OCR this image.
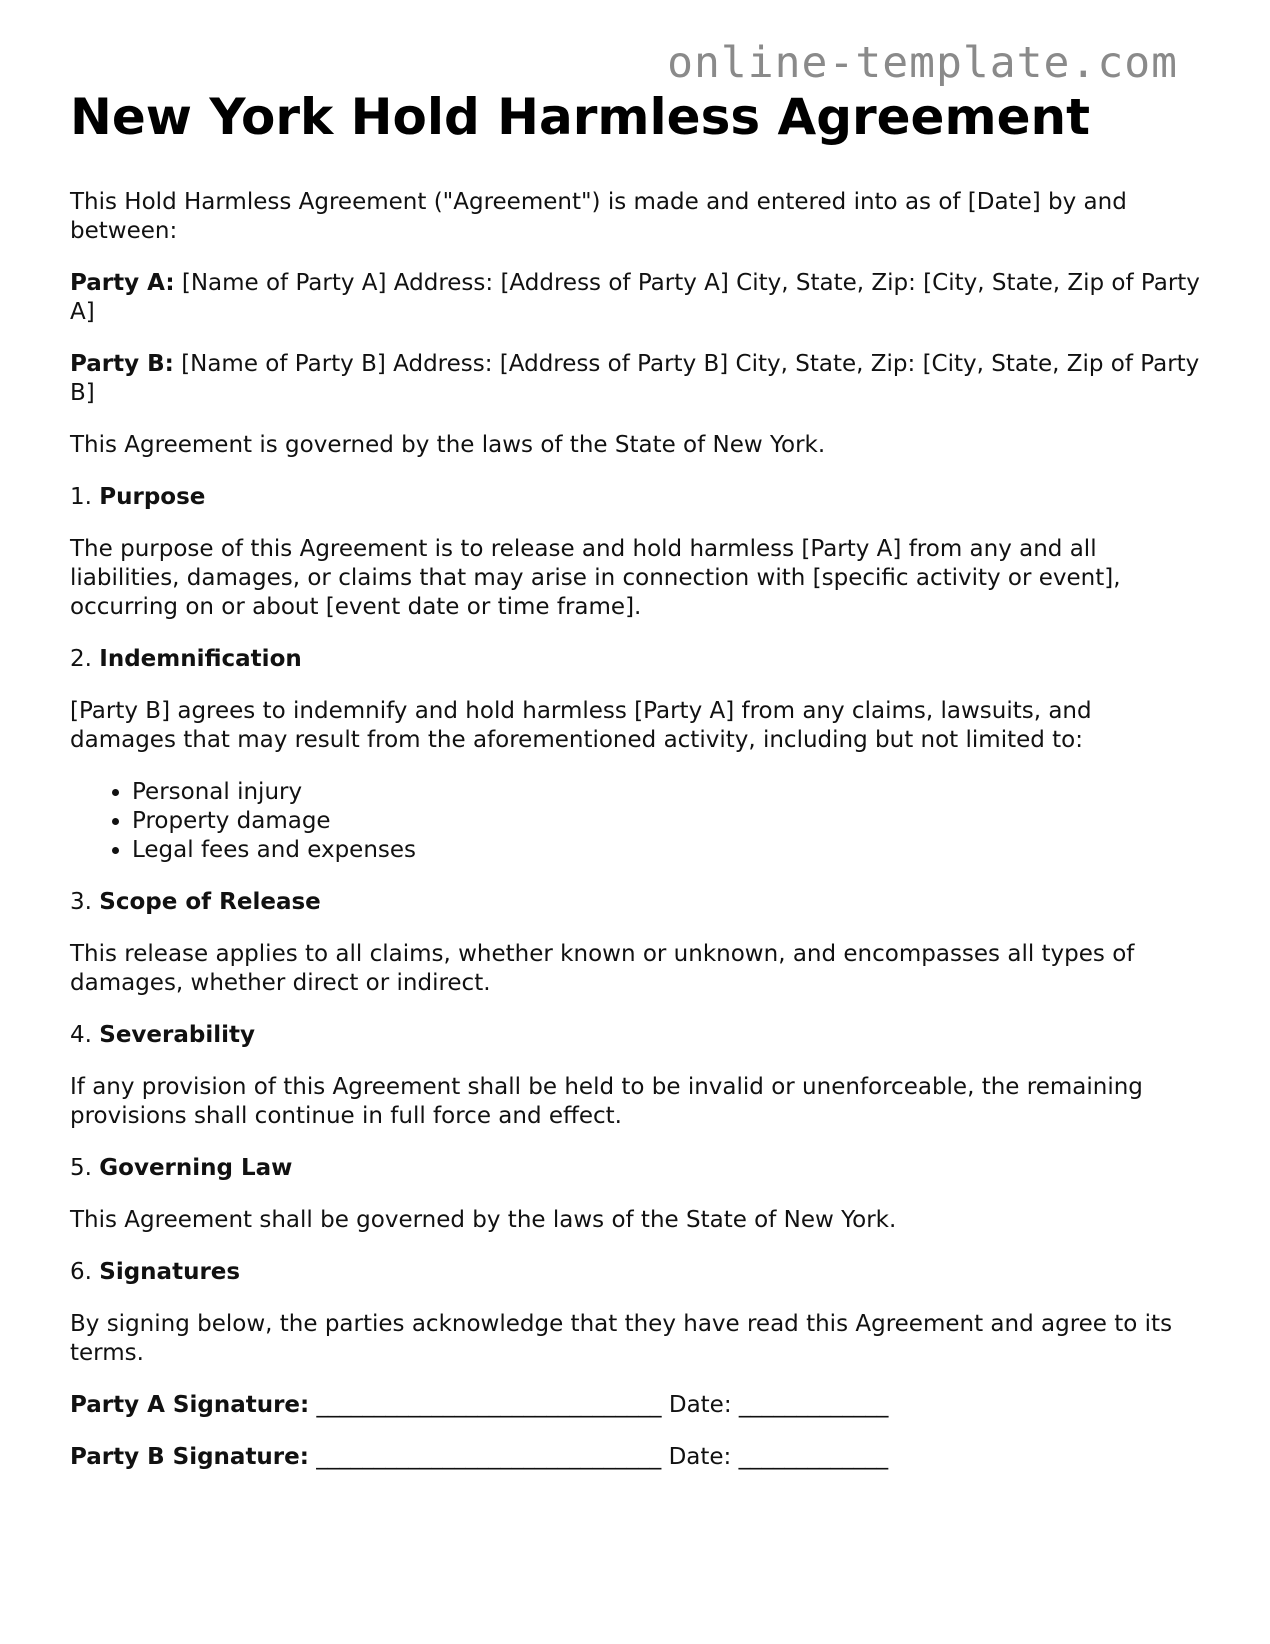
online-template.com
New York Hold Harmless Agreement

This Hold Harmless Agreement ("Agreement") is made and entered into as of [Date] by and between:

Party A: [Name of Party A] Address: [Address of Party A] City, State, Zip: [City, State, Zip of Party A]

Party B: [Name of Party B] Address: [Address of Party B] City, State, Zip: [City, State, Zip of Party B]

This Agreement is governed by the laws of the State of New York.

1. Purpose

The purpose of this Agreement is to release and hold harmless [Party A] from any and all liabilities, damages, or claims that may arise in connection with [specific activity or event], occurring on or about [event date or time frame].

2. Indemnification

[Party B] agrees to indemnify and hold harmless [Party A] from any claims, lawsuits, and damages that may result from the aforementioned activity, including but not limited to:

• Personal injury
• Property damage
• Legal fees and expenses

3. Scope of Release

This release applies to all claims, whether known or unknown, and encompasses all types of damages, whether direct or indirect.

4. Severability

If any provision of this Agreement shall be held to be invalid or unenforceable, the remaining provisions shall continue in full force and effect.

5. Governing Law

This Agreement shall be governed by the laws of the State of New York.

6. Signatures

By signing below, the parties acknowledge that they have read this Agreement and agree to its terms.

Party A Signature: ______________________________ Date: _____________

Party B Signature: ______________________________ Date: _____________
